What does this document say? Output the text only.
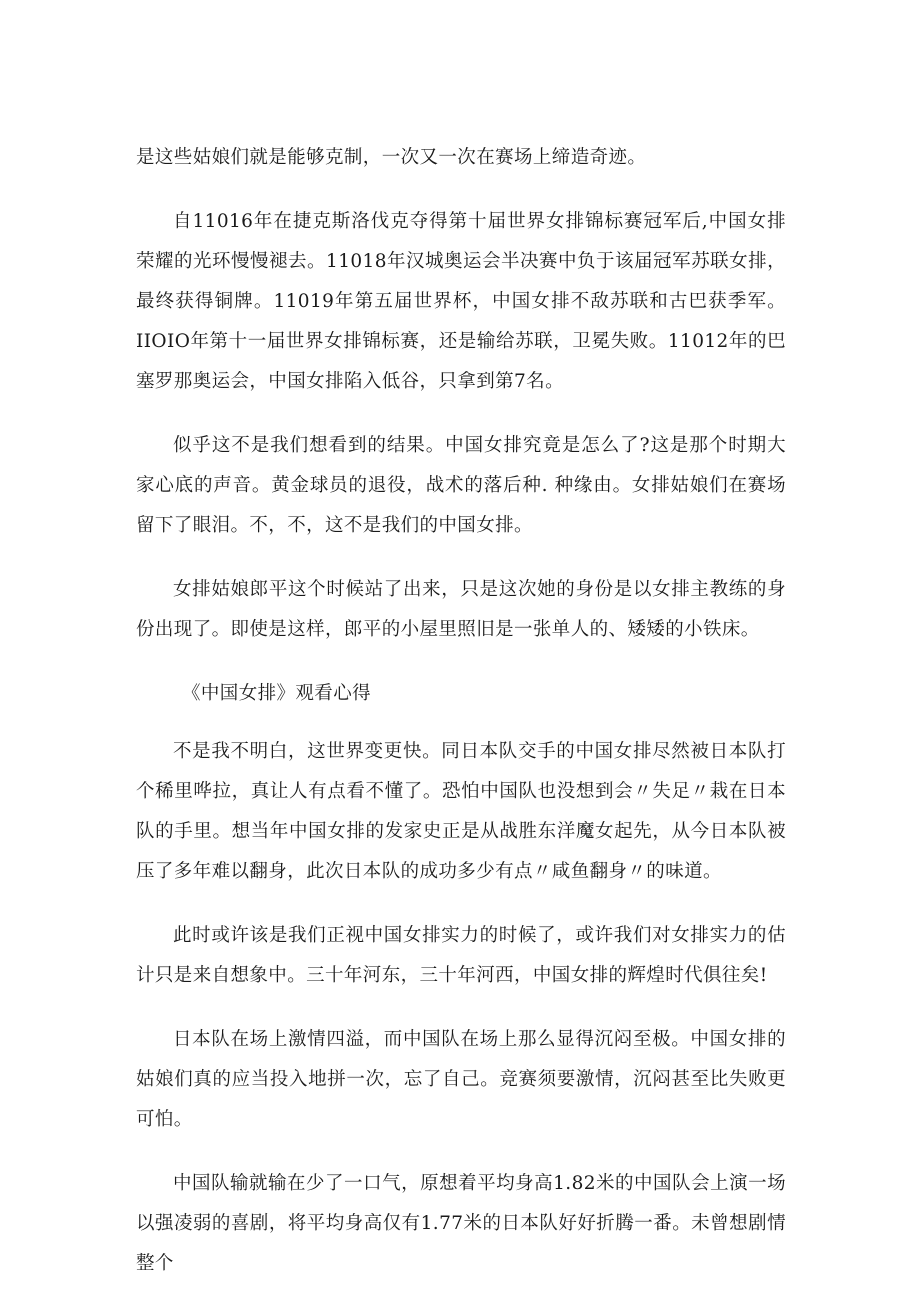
是这些姑娘们就是能够克制，一次又一次在赛场上缔造奇迹。

自11016年在捷克斯洛伐克夺得第十届世界女排锦标赛冠军后,中国女排荣耀的光环慢慢褪去。11018年汉城奥运会半决赛中负于该届冠军苏联女排，最终获得铜牌。11019年第五届世界杯，中国女排不敌苏联和古巴获季军。IIOIO年第十一届世界女排锦标赛，还是输给苏联，卫冕失败。11012年的巴塞罗那奥运会，中国女排陷入低谷，只拿到第7名。

似乎这不是我们想看到的结果。中国女排究竟是怎么了?这是那个时期大家心底的声音。黄金球员的退役，战术的落后种. 种缘由。女排姑娘们在赛场留下了眼泪。不，不，这不是我们的中国女排。

女排姑娘郎平这个时候站了出来，只是这次她的身份是以女排主教练的身份出现了。即使是这样，郎平的小屋里照旧是一张单人的、矮矮的小铁床。

《中国女排》观看心得

不是我不明白，这世界变更快。同日本队交手的中国女排尽然被日本队打个稀里哗拉，真让人有点看不懂了。恐怕中国队也没想到会〃失足〃栽在日本队的手里。想当年中国女排的发家史正是从战胜东洋魔女起先，从今日本队被压了多年难以翻身，此次日本队的成功多少有点〃咸鱼翻身〃的味道。

此时或许该是我们正视中国女排实力的时候了，或许我们对女排实力的估计只是来自想象中。三十年河东，三十年河西，中国女排的辉煌时代俱往矣!

日本队在场上激情四溢，而中国队在场上那么显得沉闷至极。中国女排的姑娘们真的应当投入地拼一次，忘了自己。竞赛须要激情，沉闷甚至比失败更可怕。

中国队输就输在少了一口气，原想着平均身高1.82米的中国队会上演一场以强凌弱的喜剧，将平均身高仅有1.77米的日本队好好折腾一番。未曾想剧情整个
